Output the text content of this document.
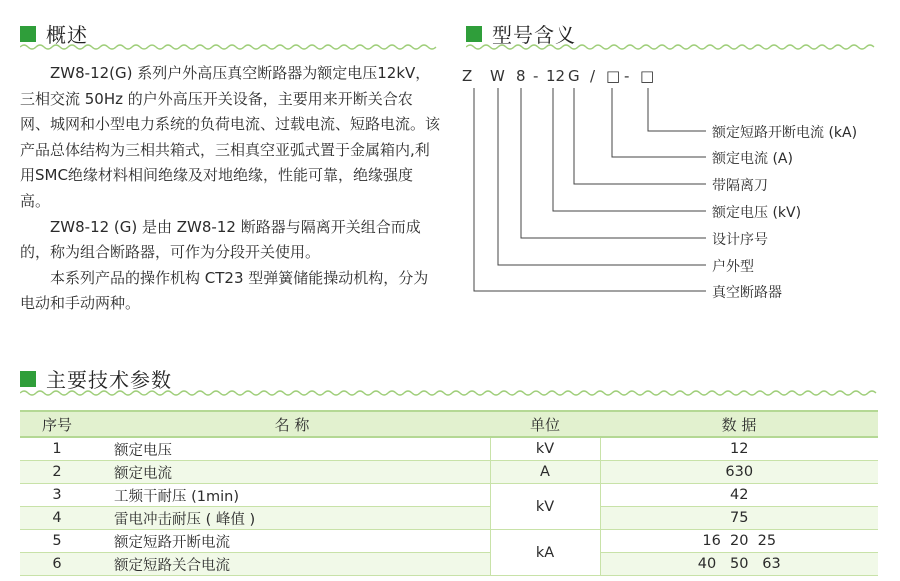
概述

ZW8-12(G) 系列户外高压真空断路器为额定电压12kV，三相交流 50Hz 的户外高压开关设备，主要用来开断关合农网、城网和小型电力系统的负荷电流、过载电流、短路电流。该产品总体结构为三相共箱式，三相真空亚弧式置于金属箱内,利用SMC绝缘材料相间绝缘及对地绝缘，性能可靠，绝缘强度高。

ZW8-12 (G) 是由 ZW8-12 断路器与隔离开关组合而成的，称为组合断路器，可作为分段开关使用。

本系列产品的操作机构 CT23 型弹簧储能操动机构，分为电动和手动两种。

型号含义
Z W 8 - 12 G / □ - □
额定短路开断电流 (kA)
额定电流 (A)
带隔离刀
额定电压 (kV)
设计序号
户外型
真空断路器
主要技术参数
序号	名 称	单位	数 据
1	额定电压	kV	12
2	额定电流	A	630
3	工频干耐压 (1min)	kV	42
4	雷电冲击耐压 ( 峰值 )		75
5	额定短路开断电流	kA	16  20  25
6	额定短路关合电流		40   50   63
